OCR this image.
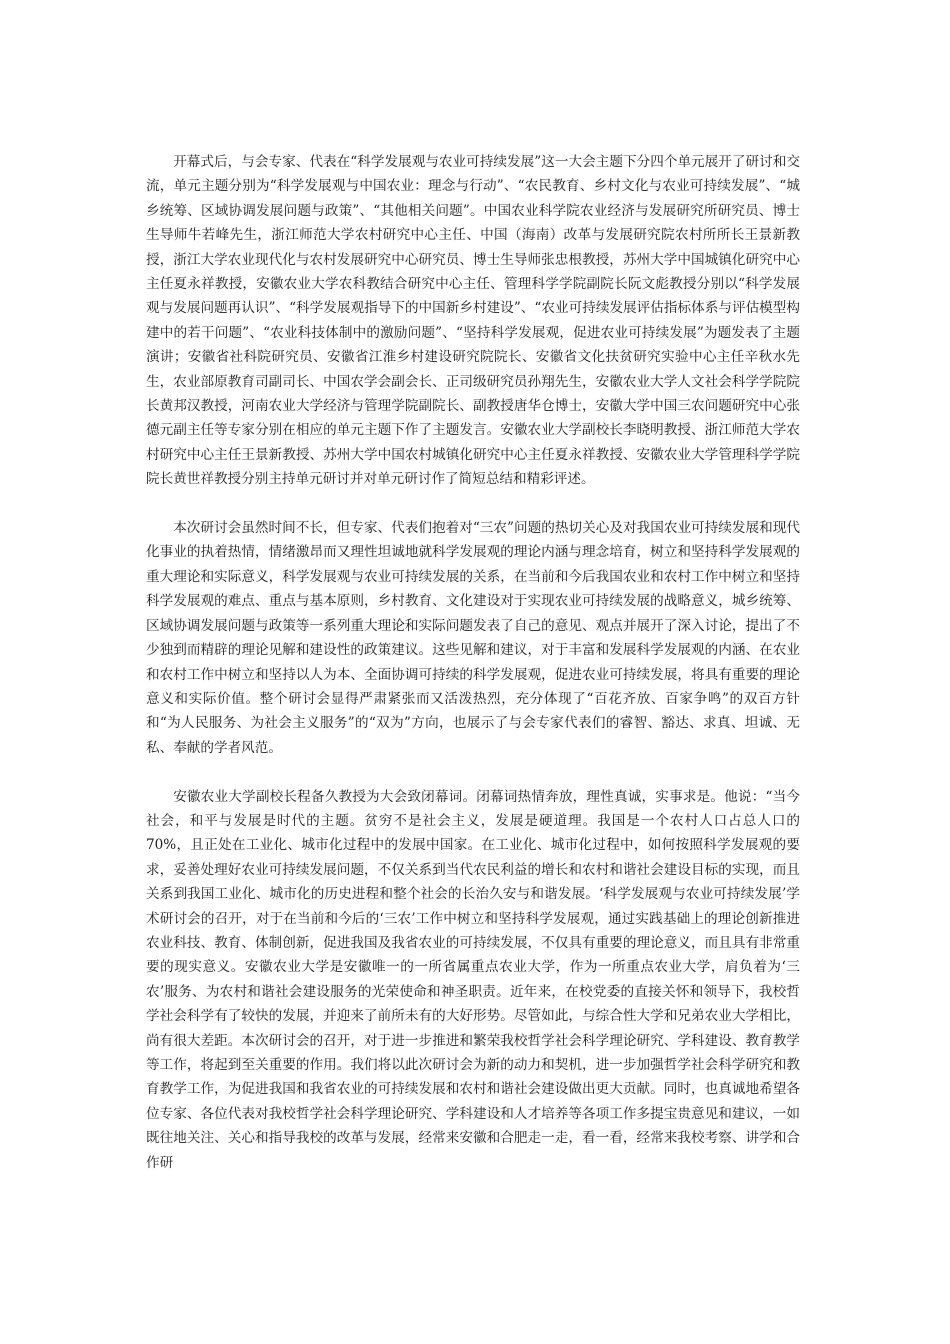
开幕式后，与会专家、代表在“科学发展观与农业可持续发展”这一大会主题下分四个单元展开了研讨和交流，单元主题分别为“科学发展观与中国农业：理念与行动”、“农民教育、乡村文化与农业可持续发展”、“城乡统筹、区域协调发展问题与政策”、“其他相关问题”。中国农业科学院农业经济与发展研究所研究员、博士生导师牛若峰先生，浙江师范大学农村研究中心主任、中国（海南）改革与发展研究院农村所所长王景新教授，浙江大学农业现代化与农村发展研究中心研究员、博士生导师张忠根教授，苏州大学中国城镇化研究中心主任夏永祥教授，安徽农业大学农科教结合研究中心主任、管理科学学院副院长阮文彪教授分别以“科学发展观与发展问题再认识”、“科学发展观指导下的中国新乡村建设”、“农业可持续发展评估指标体系与评估模型构建中的若干问题”、“农业科技体制中的激励问题”、“坚持科学发展观，促进农业可持续发展”为题发表了主题演讲；安徽省社科院研究员、安徽省江淮乡村建设研究院院长、安徽省文化扶贫研究实验中心主任辛秋水先生，农业部原教育司副司长、中国农学会副会长、正司级研究员孙翔先生，安徽农业大学人文社会科学学院院长黄邦汉教授，河南农业大学经济与管理学院副院长、副教授唐华仓博士，安徽大学中国三农问题研究中心张德元副主任等专家分别在相应的单元主题下作了主题发言。安徽农业大学副校长李晓明教授、浙江师范大学农村研究中心主任王景新教授、苏州大学中国农村城镇化研究中心主任夏永祥教授、安徽农业大学管理科学学院院长黄世祥教授分别主持单元研讨并对单元研讨作了简短总结和精彩评述。

本次研讨会虽然时间不长，但专家、代表们抱着对“三农”问题的热切关心及对我国农业可持续发展和现代化事业的执着热情，情绪激昂而又理性坦诚地就科学发展观的理论内涵与理念培育，树立和坚持科学发展观的重大理论和实际意义，科学发展观与农业可持续发展的关系，在当前和今后我国农业和农村工作中树立和坚持科学发展观的难点、重点与基本原则，乡村教育、文化建设对于实现农业可持续发展的战略意义，城乡统筹、区域协调发展问题与政策等一系列重大理论和实际问题发表了自己的意见、观点并展开了深入讨论，提出了不少独到而精辟的理论见解和建设性的政策建议。这些见解和建议，对于丰富和发展科学发展观的内涵、在农业和农村工作中树立和坚持以人为本、全面协调可持续的科学发展观，促进农业可持续发展，将具有重要的理论意义和实际价值。整个研讨会显得严肃紧张而又活泼热烈，充分体现了“百花齐放、百家争鸣”的双百方针和“为人民服务、为社会主义服务”的“双为”方向，也展示了与会专家代表们的睿智、豁达、求真、坦诚、无私、奉献的学者风范。

安徽农业大学副校长程备久教授为大会致闭幕词。闭幕词热情奔放，理性真诚，实事求是。他说：“当今社会，和平与发展是时代的主题。贫穷不是社会主义，发展是硬道理。我国是一个农村人口占总人口的70%，且正处在工业化、城市化过程中的发展中国家。在工业化、城市化过程中，如何按照科学发展观的要求，妥善处理好农业可持续发展问题，不仅关系到当代农民利益的增长和农村和谐社会建设目标的实现，而且关系到我国工业化、城市化的历史进程和整个社会的长治久安与和谐发展。‘科学发展观与农业可持续发展’学术研讨会的召开，对于在当前和今后的‘三农’工作中树立和坚持科学发展观，通过实践基础上的理论创新推进农业科技、教育、体制创新，促进我国及我省农业的可持续发展，不仅具有重要的理论意义，而且具有非常重要的现实意义。安徽农业大学是安徽唯一的一所省属重点农业大学，作为一所重点农业大学，肩负着为‘三农’服务、为农村和谐社会建设服务的光荣使命和神圣职责。近年来，在校党委的直接关怀和领导下，我校哲学社会科学有了较快的发展，并迎来了前所未有的大好形势。尽管如此，与综合性大学和兄弟农业大学相比，尚有很大差距。本次研讨会的召开，对于进一步推进和繁荣我校哲学社会科学理论研究、学科建设、教育教学等工作，将起到至关重要的作用。我们将以此次研讨会为新的动力和契机，进一步加强哲学社会科学研究和教育教学工作，为促进我国和我省农业的可持续发展和农村和谐社会建设做出更大贡献。同时，也真诚地希望各位专家、各位代表对我校哲学社会科学理论研究、学科建设和人才培养等各项工作多提宝贵意见和建议，一如既往地关注、关心和指导我校的改革与发展，经常来安徽和合肥走一走，看一看，经常来我校考察、讲学和合作研
